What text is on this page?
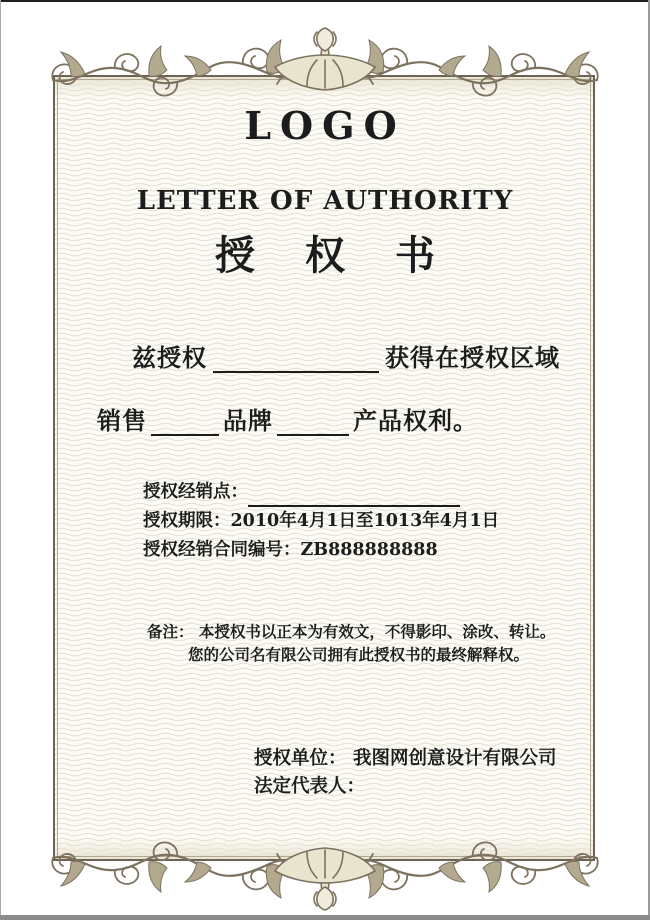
LOGO
LETTER OF AUTHORITY
授权书
兹授权	获得在授权区域
销售	品牌	产品权利。
授权经销点：
授权期限： 2010年4月1日至1013年4月1日
授权经销合同编号： ZB888888888
备注： 本授权书以正本为有效文，不得影印、涂改、转让。
您的公司名有限公司拥有此授权书的最终解释权。
授权单位： 我图网创意设计有限公司
法定代表人：
